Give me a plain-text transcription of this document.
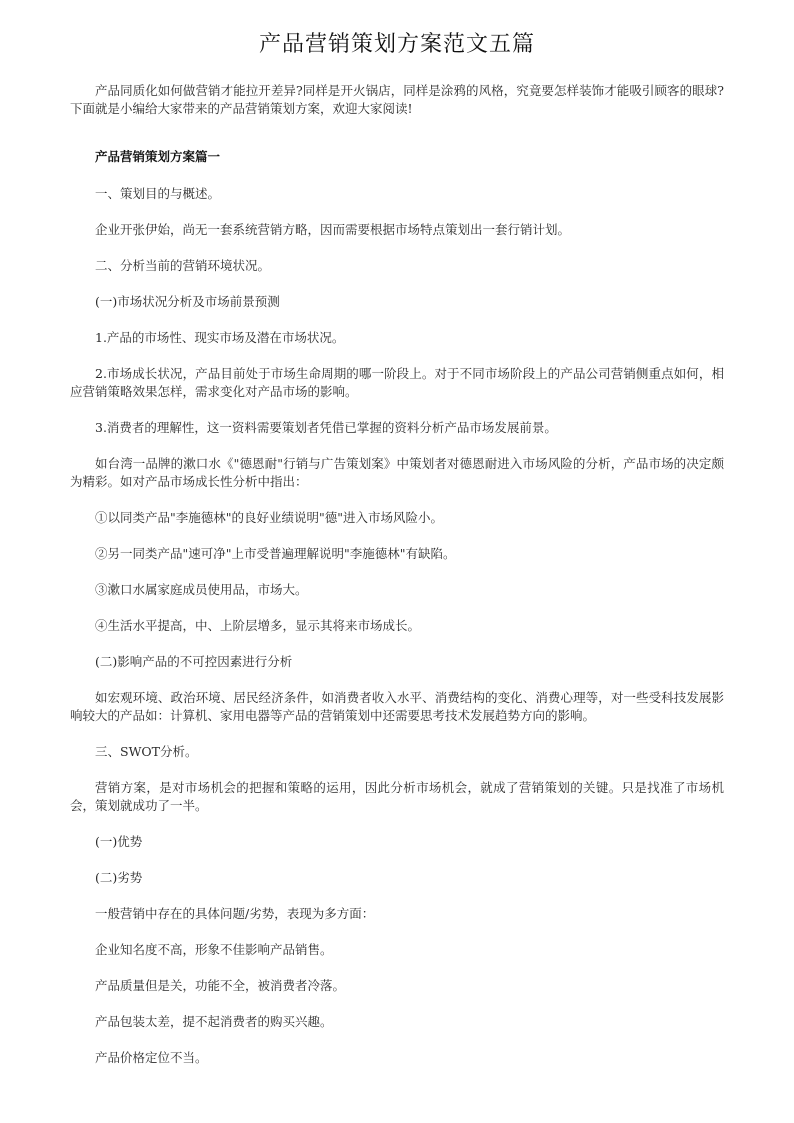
产品营销策划方案范文五篇

产品同质化如何做营销才能拉开差异?同样是开火锅店，同样是涂鸦的风格，究竟要怎样装饰才能吸引顾客的眼球?下面就是小编给大家带来的产品营销策划方案，欢迎大家阅读!

产品营销策划方案篇一

一、策划目的与概述。

企业开张伊始，尚无一套系统营销方略，因而需要根据市场特点策划出一套行销计划。

二、分析当前的营销环境状况。

(一)市场状况分析及市场前景预测

1.产品的市场性、现实市场及潜在市场状况。

2.市场成长状况，产品目前处于市场生命周期的哪一阶段上。对于不同市场阶段上的产品公司营销侧重点如何，相应营销策略效果怎样，需求变化对产品市场的影响。

3.消费者的理解性，这一资料需要策划者凭借已掌握的资料分析产品市场发展前景。

如台湾一品牌的漱口水《"德恩耐"行销与广告策划案》中策划者对德恩耐进入市场风险的分析，产品市场的决定颇为精彩。如对产品市场成长性分析中指出：

①以同类产品"李施德林"的良好业绩说明"德"进入市场风险小。

②另一同类产品"速可净"上市受普遍理解说明"李施德林"有缺陷。

③漱口水属家庭成员使用品，市场大。

④生活水平提高，中、上阶层增多，显示其将来市场成长。

(二)影响产品的不可控因素进行分析

如宏观环境、政治环境、居民经济条件，如消费者收入水平、消费结构的变化、消费心理等，对一些受科技发展影响较大的产品如：计算机、家用电器等产品的营销策划中还需要思考技术发展趋势方向的影响。

三、SWOT分析。

营销方案，是对市场机会的把握和策略的运用，因此分析市场机会，就成了营销策划的关键。只是找准了市场机会，策划就成功了一半。

(一)优势

(二)劣势

一般营销中存在的具体问题/劣势，表现为多方面：

企业知名度不高，形象不佳影响产品销售。

产品质量但是关，功能不全，被消费者冷落。

产品包装太差，提不起消费者的购买兴趣。

产品价格定位不当。
